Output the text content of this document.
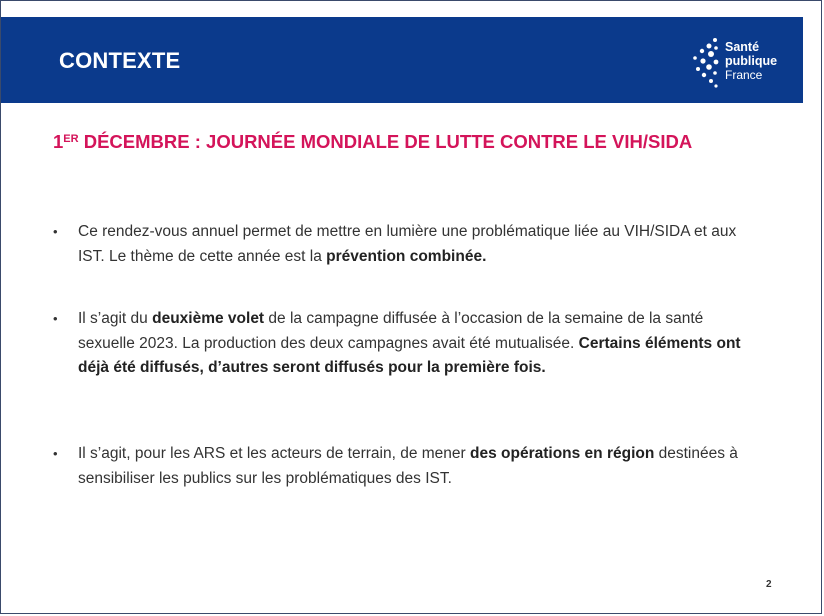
CONTEXTE
Santé
publique
France
1ER DÉCEMBRE : JOURNÉE MONDIALE DE LUTTE CONTRE LE VIH/SIDA
• Ce rendez-vous annuel permet de mettre en lumière une problématique liée au VIH/SIDA et aux IST. Le thème de cette année est la prévention combinée.
• Il s’agit du deuxième volet de la campagne diffusée à l’occasion de la semaine de la santé sexuelle 2023. La production des deux campagnes avait été mutualisée. Certains éléments ont déjà été diffusés, d’autres seront diffusés pour la première fois.
• Il s’agit, pour les ARS et les acteurs de terrain, de mener des opérations en région destinées à sensibiliser les publics sur les problématiques des IST.
2
